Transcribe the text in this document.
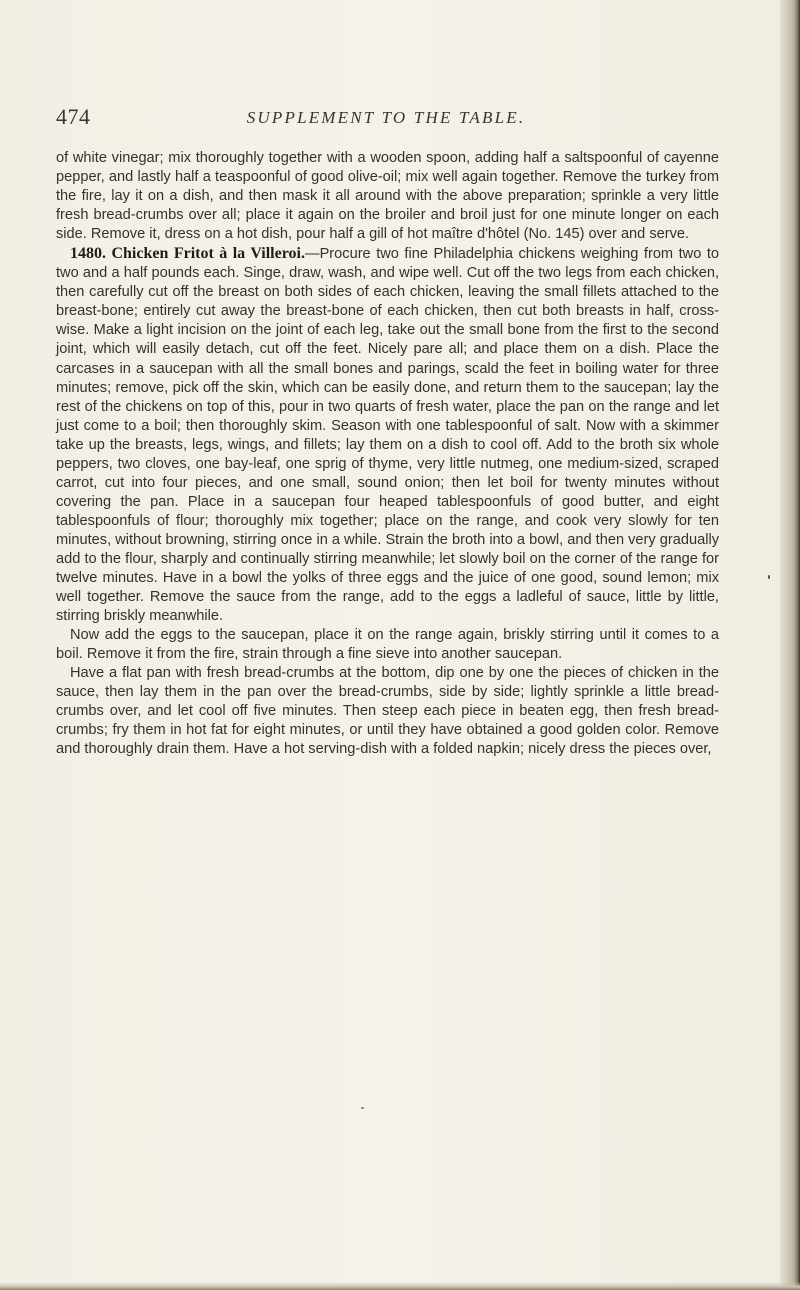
474	SUPPLEMENT TO THE TABLE.

of white vinegar; mix thoroughly together with a wooden spoon, adding half a saltspoonful of cayenne pepper, and lastly half a teaspoonful of good olive-oil; mix well again together. Remove the turkey from the fire, lay it on a dish, and then mask it all around with the above preparation; sprinkle a very little fresh bread-crumbs over all; place it again on the broiler and broil just for one minute longer on each side. Remove it, dress on a hot dish, pour half a gill of hot maître d'hôtel (No. 145) over and serve.

1480. Chicken Fritot à la Villeroi.—Procure two fine Philadelphia chickens weighing from two to two and a half pounds each. Singe, draw, wash, and wipe well. Cut off the two legs from each chicken, then carefully cut off the breast on both sides of each chicken, leaving the small fillets attached to the breast-bone; entirely cut away the breast-bone of each chicken, then cut both breasts in half, cross-wise. Make a light incision on the joint of each leg, take out the small bone from the first to the second joint, which will easily detach, cut off the feet. Nicely pare all; and place them on a dish. Place the carcases in a saucepan with all the small bones and parings, scald the feet in boiling water for three minutes; remove, pick off the skin, which can be easily done, and return them to the saucepan; lay the rest of the chickens on top of this, pour in two quarts of fresh water, place the pan on the range and let just come to a boil; then thoroughly skim. Season with one tablespoonful of salt. Now with a skimmer take up the breasts, legs, wings, and fillets; lay them on a dish to cool off. Add to the broth six whole peppers, two cloves, one bay-leaf, one sprig of thyme, very little nutmeg, one medium-sized, scraped carrot, cut into four pieces, and one small, sound onion; then let boil for twenty minutes without covering the pan. Place in a saucepan four heaped tablespoonfuls of good butter, and eight tablespoonfuls of flour; thoroughly mix together; place on the range, and cook very slowly for ten minutes, without browning, stirring once in a while. Strain the broth into a bowl, and then very gradually add to the flour, sharply and continually stirring meanwhile; let slowly boil on the corner of the range for twelve minutes. Have in a bowl the yolks of three eggs and the juice of one good, sound lemon; mix well together. Remove the sauce from the range, add to the eggs a ladleful of sauce, little by little, stirring briskly meanwhile.

Now add the eggs to the saucepan, place it on the range again, briskly stirring until it comes to a boil. Remove it from the fire, strain through a fine sieve into another saucepan.

Have a flat pan with fresh bread-crumbs at the bottom, dip one by one the pieces of chicken in the sauce, then lay them in the pan over the bread-crumbs, side by side; lightly sprinkle a little bread-crumbs over, and let cool off five minutes. Then steep each piece in beaten egg, then fresh bread-crumbs; fry them in hot fat for eight minutes, or until they have obtained a good golden color. Remove and thoroughly drain them. Have a hot serving-dish with a folded napkin; nicely dress the pieces over,
